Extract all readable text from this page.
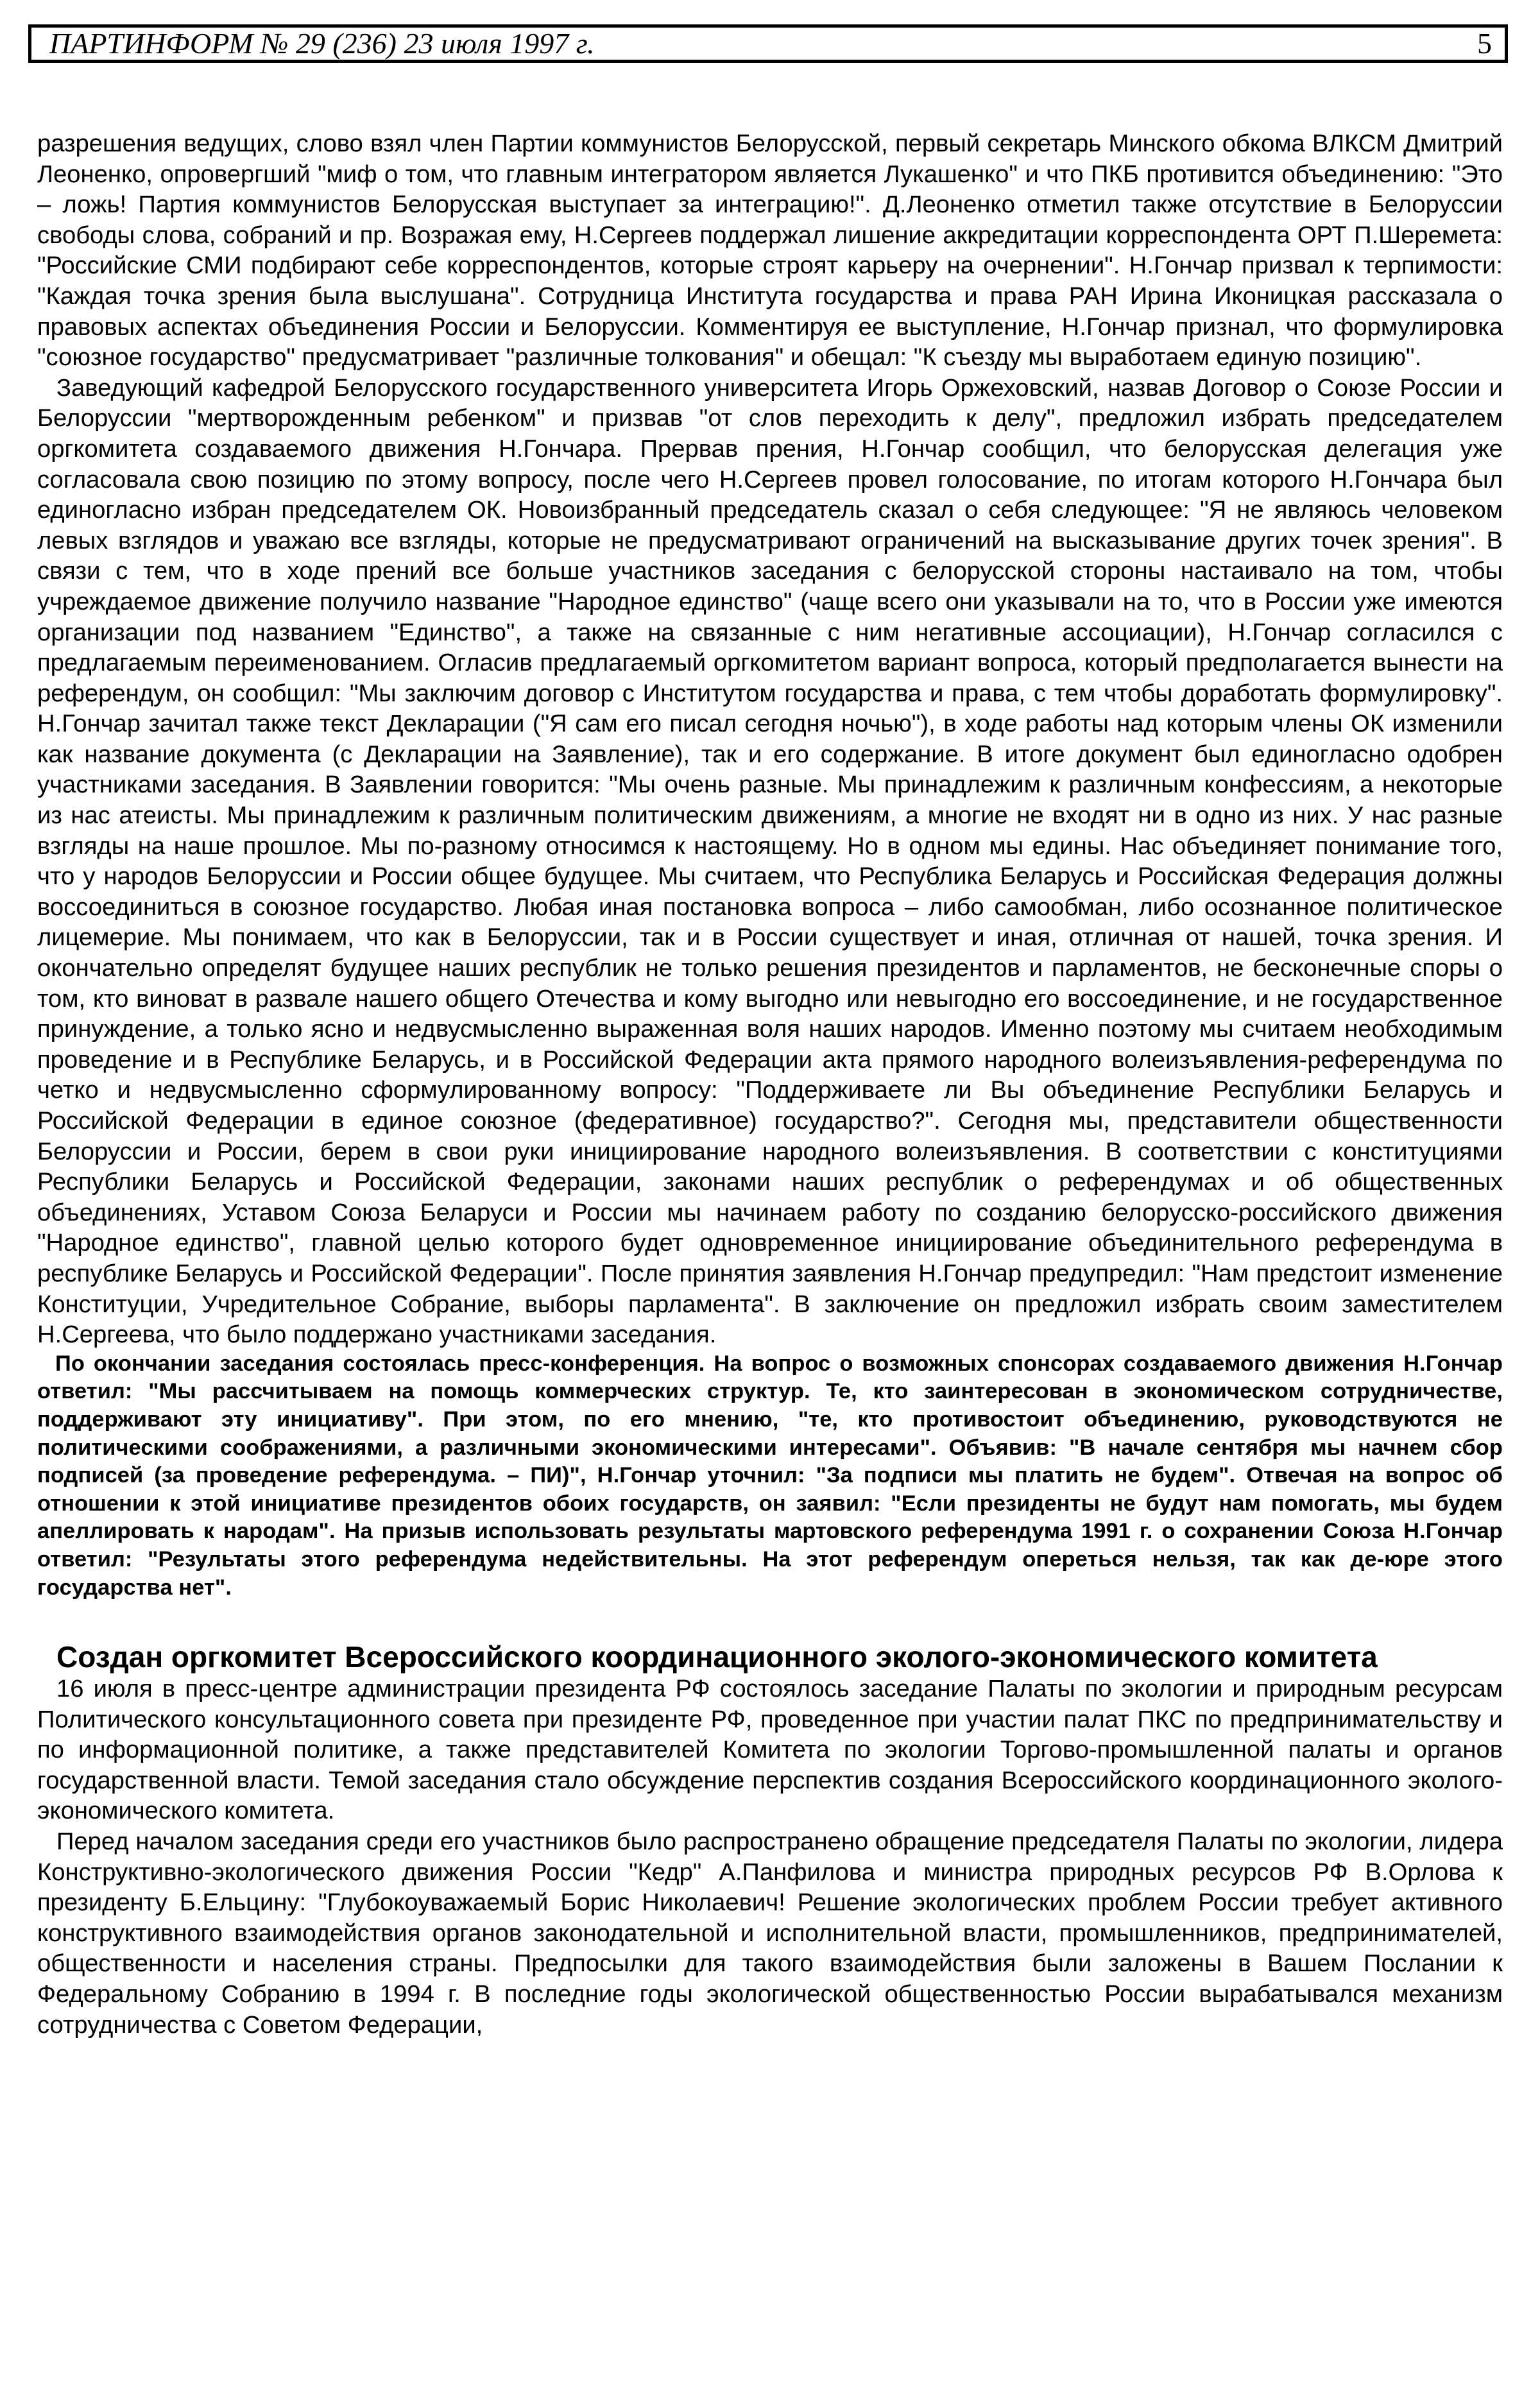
ПАРТИНФОРМ № 29 (236) 23 июля 1997 г.	5

разрешения ведущих, слово взял член Партии коммунистов Белорусской, первый секретарь Минского обкома ВЛКСМ Дмитрий Леоненко, опровергший "миф о том, что главным интегратором является Лукашенко" и что ПКБ противится объединению: "Это – ложь! Партия коммунистов Белорусская выступает за интеграцию!". Д.Леоненко отметил также отсутствие в Белоруссии свободы слова, собраний и пр. Возражая ему, Н.Сергеев поддержал лишение аккредитации корреспондента ОРТ П.Шеремета: "Российские СМИ подбирают себе корреспондентов, которые строят карьеру на очернении". Н.Гончар призвал к терпимости: "Каждая точка зрения была выслушана". Сотрудница Института государства и права РАН Ирина Иконицкая рассказала о правовых аспектах объединения России и Белоруссии. Комментируя ее выступление, Н.Гончар признал, что формулировка "союзное государство" предусматривает "различные толкования" и обещал: "К съезду мы выработаем единую позицию".

Заведующий кафедрой Белорусского государственного университета Игорь Оржеховский, назвав Договор о Союзе России и Белоруссии "мертворожденным ребенком" и призвав "от слов переходить к делу", предложил избрать председателем оргкомитета создаваемого движения Н.Гончара. Прервав прения, Н.Гончар сообщил, что белорусская делегация уже согласовала свою позицию по этому вопросу, после чего Н.Сергеев провел голосование, по итогам которого Н.Гончара был единогласно избран председателем ОК. Новоизбранный председатель сказал о себя следующее: "Я не являюсь человеком левых взглядов и уважаю все взгляды, которые не предусматривают ограничений на высказывание других точек зрения". В связи с тем, что в ходе прений все больше участников заседания с белорусской стороны настаивало на том, чтобы учреждаемое движение получило название "Народное единство" (чаще всего они указывали на то, что в России уже имеются организации под названием "Единство", а также на связанные с ним негативные ассоциации), Н.Гончар согласился с предлагаемым переименованием. Огласив предлагаемый оргкомитетом вариант вопроса, который предполагается вынести на референдум, он сообщил: "Мы заключим договор с Институтом государства и права, с тем чтобы доработать формулировку". Н.Гончар зачитал также текст Декларации ("Я сам его писал сегодня ночью"), в ходе работы над которым члены ОК изменили как название документа (с Декларации на Заявление), так и его содержание. В итоге документ был единогласно одобрен участниками заседания. В Заявлении говорится: "Мы очень разные. Мы принадлежим к различным конфессиям, а некоторые из нас атеисты. Мы принадлежим к различным политическим движениям, а многие не входят ни в одно из них. У нас разные взгляды на наше прошлое. Мы по-разному относимся к настоящему. Но в одном мы едины. Нас объединяет понимание того, что у народов Белоруссии и России общее будущее. Мы считаем, что Республика Беларусь и Российская Федерация должны воссоединиться в союзное государство. Любая иная постановка вопроса – либо самообман, либо осознанное политическое лицемерие. Мы понимаем, что как в Белоруссии, так и в России существует и иная, отличная от нашей, точка зрения. И окончательно определят будущее наших республик не только решения президентов и парламентов, не бесконечные споры о том, кто виноват в развале нашего общего Отечества и кому выгодно или невыгодно его воссоединение, и не государственное принуждение, а только ясно и недвусмысленно выраженная воля наших народов. Именно поэтому мы считаем необходимым проведение и в Республике Беларусь, и в Российской Федерации акта прямого народного волеизъявления-референдума по четко и недвусмысленно сформулированному вопросу: "Поддерживаете ли Вы объединение Республики Беларусь и Российской Федерации в единое союзное (федеративное) государство?". Сегодня мы, представители общественности Белоруссии и России, берем в свои руки инициирование народного волеизъявления. В соответствии с конституциями Республики Беларусь и Российской Федерации, законами наших республик о референдумах и об общественных объединениях, Уставом Союза Беларуси и России мы начинаем работу по созданию белорусско-российского движения "Народное единство", главной целью которого будет одновременное инициирование объединительного референдума в республике Беларусь и Российской Федерации". После принятия заявления Н.Гончар предупредил: "Нам предстоит изменение Конституции, Учредительное Собрание, выборы парламента". В заключение он предложил избрать своим заместителем Н.Сергеева, что было поддержано участниками заседания.

По окончании заседания состоялась пресс-конференция. На вопрос о возможных спонсорах создаваемого движения Н.Гончар ответил: "Мы рассчитываем на помощь коммерческих структур. Те, кто заинтересован в экономическом сотрудничестве, поддерживают эту инициативу". При этом, по его мнению, "те, кто противостоит объединению, руководствуются не политическими соображениями, а различными экономическими интересами". Объявив: "В начале сентября мы начнем сбор подписей (за проведение референдума. – ПИ)", Н.Гончар уточнил: "За подписи мы платить не будем". Отвечая на вопрос об отношении к этой инициативе президентов обоих государств, он заявил: "Если президенты не будут нам помогать, мы будем апеллировать к народам". На призыв использовать результаты мартовского референдума 1991 г. о сохранении Союза Н.Гончар ответил: "Результаты этого референдума недействительны. На этот референдум опереться нельзя, так как де-юре этого государства нет".

Создан оргкомитет Всероссийского координационного эколого-экономического комитета

16 июля в пресс-центре администрации президента РФ состоялось заседание Палаты по экологии и природным ресурсам Политического консультационного совета при президенте РФ, проведенное при участии палат ПКС по предпринимательству и по информационной политике, а также представителей Комитета по экологии Торгово-промышленной палаты и органов государственной власти. Темой заседания стало обсуждение перспектив создания Всероссийского координационного эколого-экономического комитета.

Перед началом заседания среди его участников было распространено обращение председателя Палаты по экологии, лидера Конструктивно-экологического движения России "Кедр" А.Панфилова и министра природных ресурсов РФ В.Орлова к президенту Б.Ельцину: "Глубокоуважаемый Борис Николаевич! Решение экологических проблем России требует активного конструктивного взаимодействия органов законодательной и исполнительной власти, промышленников, предпринимателей, общественности и населения страны. Предпосылки для такого взаимодействия были заложены в Вашем Послании к Федеральному Собранию в 1994 г. В последние годы экологической общественностью России вырабатывался механизм сотрудничества с Советом Федерации,
